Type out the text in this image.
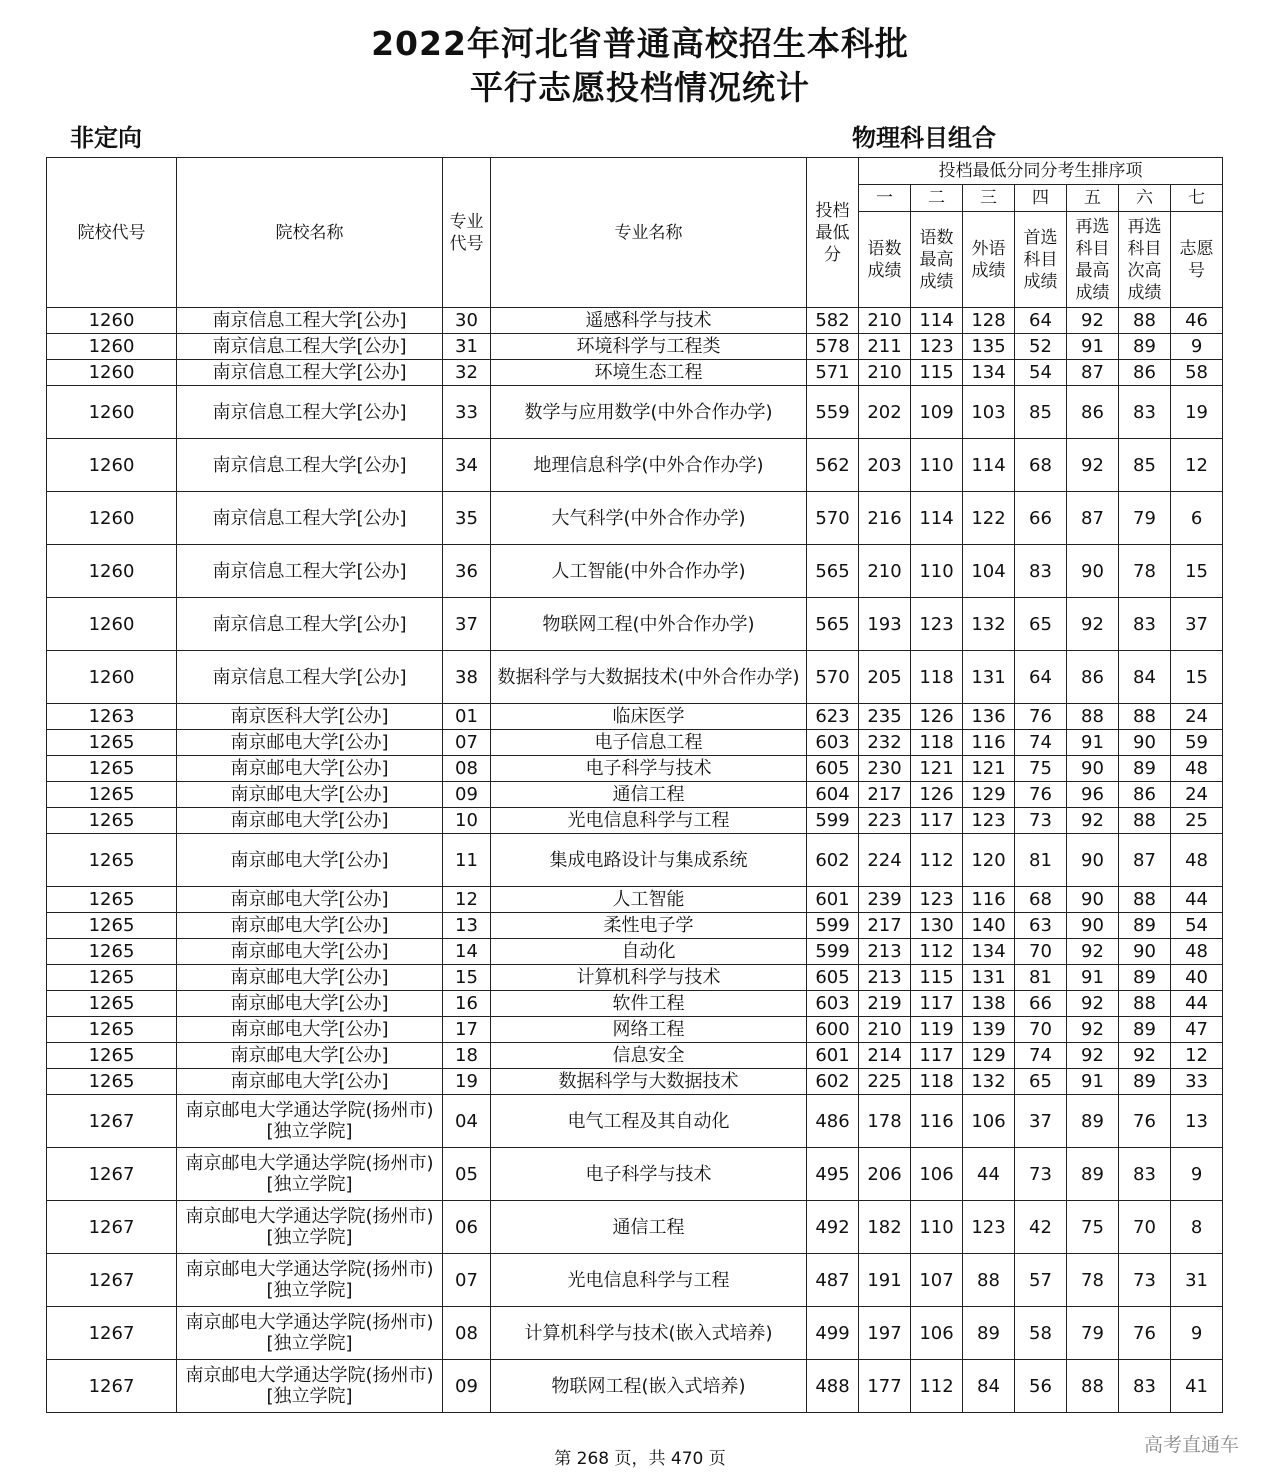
2022年河北省普通高校招生本科批
平行志愿投档情况统计
非定向	物理科目组合
院校代号	院校名称	专业代号	专业名称	投档最低分	投档最低分同分考生排序项						
					一	二	三	四	五	六	七
					语数成绩	语数最高成绩	外语成绩	首选科目成绩	再选科目最高成绩	再选科目次高成绩	志愿号
1260	南京信息工程大学[公办]	30	遥感科学与技术	582	210	114	128	64	92	88	46
1260	南京信息工程大学[公办]	31	环境科学与工程类	578	211	123	135	52	91	89	9
1260	南京信息工程大学[公办]	32	环境生态工程	571	210	115	134	54	87	86	58
1260	南京信息工程大学[公办]	33	数学与应用数学(中外合作办学)	559	202	109	103	85	86	83	19
1260	南京信息工程大学[公办]	34	地理信息科学(中外合作办学)	562	203	110	114	68	92	85	12
1260	南京信息工程大学[公办]	35	大气科学(中外合作办学)	570	216	114	122	66	87	79	6
1260	南京信息工程大学[公办]	36	人工智能(中外合作办学)	565	210	110	104	83	90	78	15
1260	南京信息工程大学[公办]	37	物联网工程(中外合作办学)	565	193	123	132	65	92	83	37
1260	南京信息工程大学[公办]	38	数据科学与大数据技术(中外合作办学)	570	205	118	131	64	86	84	15
1263	南京医科大学[公办]	01	临床医学	623	235	126	136	76	88	88	24
1265	南京邮电大学[公办]	07	电子信息工程	603	232	118	116	74	91	90	59
1265	南京邮电大学[公办]	08	电子科学与技术	605	230	121	121	75	90	89	48
1265	南京邮电大学[公办]	09	通信工程	604	217	126	129	76	96	86	24
1265	南京邮电大学[公办]	10	光电信息科学与工程	599	223	117	123	73	92	88	25
1265	南京邮电大学[公办]	11	集成电路设计与集成系统	602	224	112	120	81	90	87	48
1265	南京邮电大学[公办]	12	人工智能	601	239	123	116	68	90	88	44
1265	南京邮电大学[公办]	13	柔性电子学	599	217	130	140	63	90	89	54
1265	南京邮电大学[公办]	14	自动化	599	213	112	134	70	92	90	48
1265	南京邮电大学[公办]	15	计算机科学与技术	605	213	115	131	81	91	89	40
1265	南京邮电大学[公办]	16	软件工程	603	219	117	138	66	92	88	44
1265	南京邮电大学[公办]	17	网络工程	600	210	119	139	70	92	89	47
1265	南京邮电大学[公办]	18	信息安全	601	214	117	129	74	92	92	12
1265	南京邮电大学[公办]	19	数据科学与大数据技术	602	225	118	132	65	91	89	33
1267	南京邮电大学通达学院(扬州市)[独立学院]	04	电气工程及其自动化	486	178	116	106	37	89	76	13
1267	南京邮电大学通达学院(扬州市)[独立学院]	05	电子科学与技术	495	206	106	44	73	89	83	9
1267	南京邮电大学通达学院(扬州市)[独立学院]	06	通信工程	492	182	110	123	42	75	70	8
1267	南京邮电大学通达学院(扬州市)[独立学院]	07	光电信息科学与工程	487	191	107	88	57	78	73	31
1267	南京邮电大学通达学院(扬州市)[独立学院]	08	计算机科学与技术(嵌入式培养)	499	197	106	89	58	79	76	9
1267	南京邮电大学通达学院(扬州市)[独立学院]	09	物联网工程(嵌入式培养)	488	177	112	84	56	88	83	41
第 268 页，共 470 页
高考直通车
